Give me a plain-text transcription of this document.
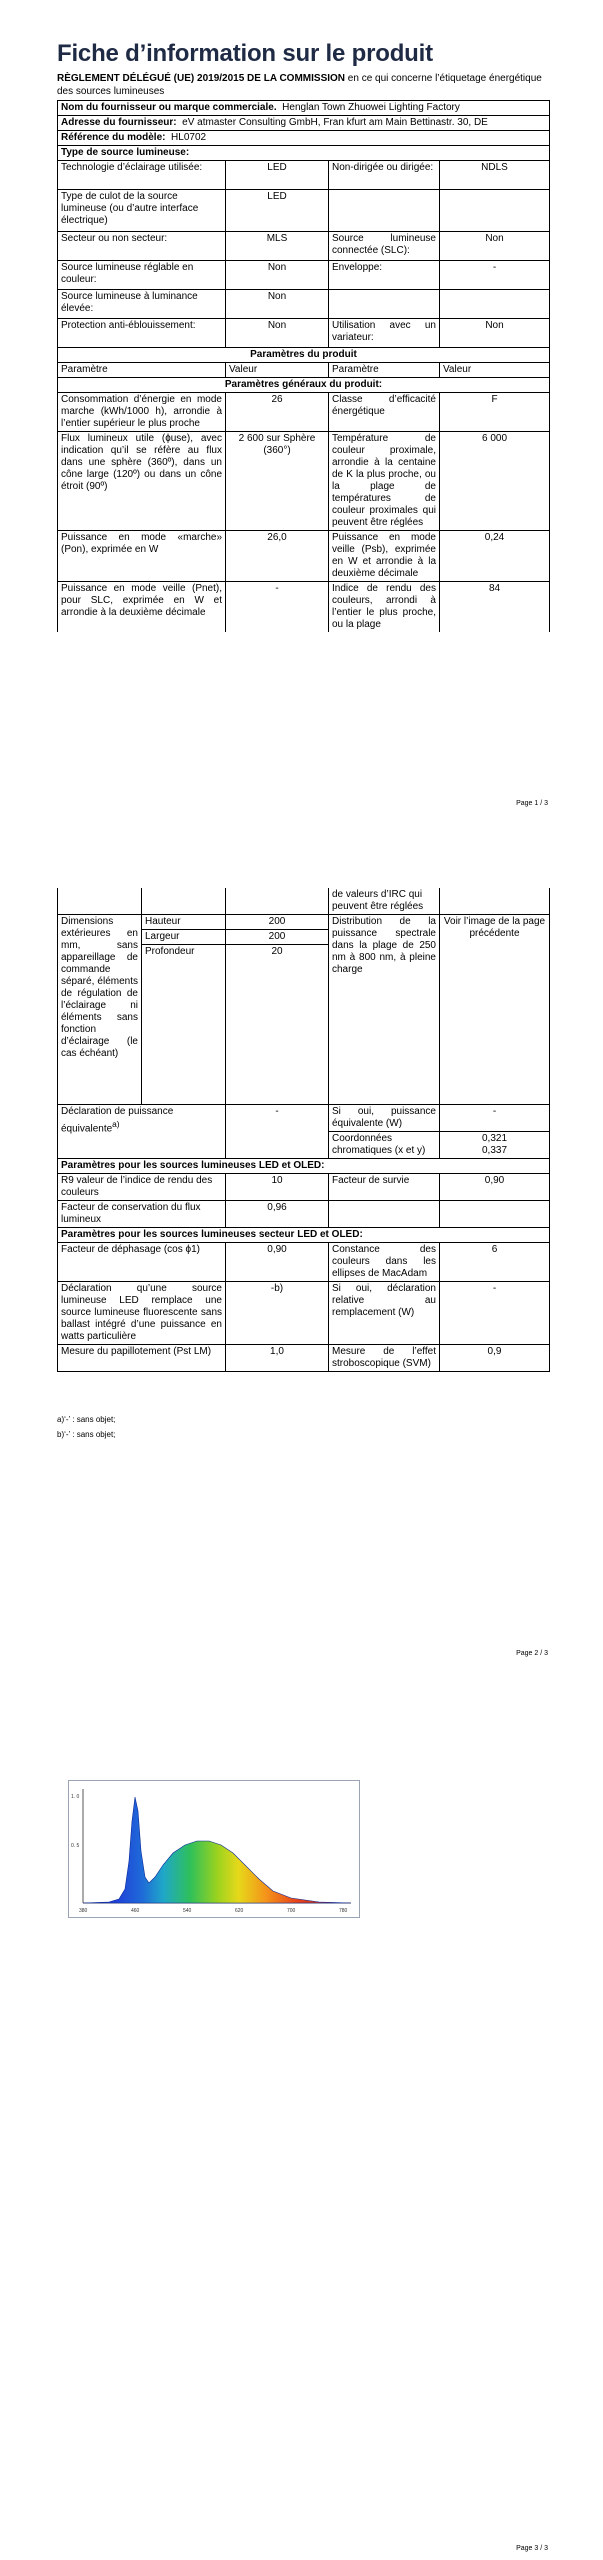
Fiche d’information sur le produit
RÈGLEMENT DÉLÉGUÉ (UE) 2019/2015 DE LA COMMISSION en ce qui concerne l’étiquetage énergétique des sources lumineuses
Nom du fournisseur ou marque commerciale. Henglan Town Zhuowei Lighting Factory			
Adresse du fournisseur: eV atmaster Consulting GmbH, Fran kfurt am Main Bettinastr. 30, DE			
Référence du modèle: HL0702			
Type de source lumineuse:			
Technologie d’éclairage utilisée:	LED	Non-dirigée ou dirigée:	NDLS
Type de culot de la source lumineuse (ou d’autre interface électrique)	LED		
Secteur ou non secteur:	MLS	Source lumineuse connectée (SLC):	Non
Source lumineuse réglable en couleur:	Non	Enveloppe:	-
Source lumineuse à luminance élevée:	Non		
Protection anti-éblouissement:	Non	Utilisation avec un variateur:	Non
Paramètres du produit			
Paramètre	Valeur	Paramètre	Valeur
Paramètres généraux du produit:			
Consommation d’énergie en mode marche (kWh/1000 h), arrondie à l’entier supérieur le plus proche	26	Classe d’efficacité énergétique	F
Flux lumineux utile (ɸuse), avec indication qu’il se réfère au flux dans une sphère (360º), dans un cône large (120º) ou dans un cône étroit (90º)	2 600 sur Sphère (360°)	Température de couleur proximale, arrondie à la centaine de K la plus proche, ou la plage de températures de couleur proximales qui peuvent être réglées	6 000
Puissance en mode «marche» (Pon), exprimée en W	26,0	Puissance en mode veille (Psb), exprimée en W et arrondie à la deuxième décimale	0,24
Puissance en mode veille (Pnet), pour SLC, exprimée en W et arrondie à la deuxième décimale	-	Indice de rendu des couleurs, arrondi à l’entier le plus proche, ou la plage	84
Page 1 / 3
			de valeurs d’IRC qui peuvent être réglées	
Dimensions extérieures en mm, sans appareillage de commande séparé, éléments de régulation de l’éclairage ni éléments sans fonction d’éclairage (le cas échéant)	Hauteur	200	Distribution de la puissance spectrale dans la plage de 250 nm à 800 nm, à pleine charge	Voir l’image de la page précédente
	Largeur	200		
	Profondeur	20		
Déclaration de puissance équivalente$^{a)}$		-	Si oui, puissance équivalente (W)	-
			Coordonnées chromatiques (x et y)	0,321
0,337

Paramètres pour les sources lumineuses LED et OLED:				
R9 valeur de l’indice de rendu des couleurs		10	Facteur de survie	0,90
Facteur de conservation du flux lumineux		0,96		
Paramètres pour les sources lumineuses secteur LED et OLED:				
Facteur de déphasage (cos ϕ1)		0,90	Constance des couleurs dans les ellipses de MacAdam	6
Déclaration qu’une source lumineuse LED remplace une source lumineuse fluorescente sans ballast intégré d’une puissance en watts particulière		-b)	Si oui, déclaration relative au remplacement (W)	-
Mesure du papillotement (Pst LM)		1,0	Mesure de l’effet stroboscopique (SVM)	0,9
a)‘-’ : sans objet;
b)‘-’ : sans objet;
Page 2 / 3
1. 0
0. 5
380	460	540	620	700	780
Page 3 / 3
